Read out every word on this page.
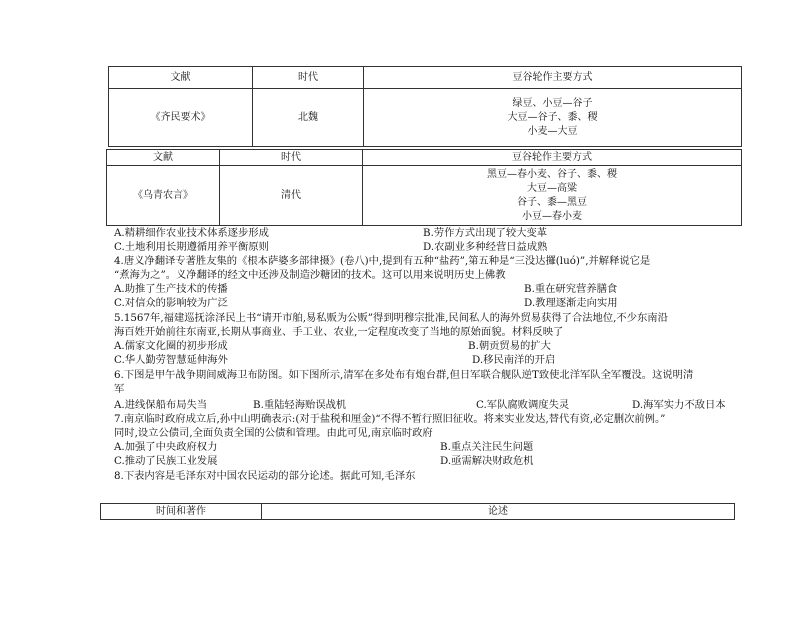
文献	时代	豆谷轮作主要方式
《齐民要术》	北魏	绿豆、小豆—谷子
大豆—谷子、黍、稷
小麦—大豆
文献	时代	豆谷轮作主要方式
《乌青农言》	清代	黑豆—春小麦、谷子、黍、稷
大豆—高粱
谷子、黍—黑豆
小豆—春小麦
A.精耕细作农业技术体系逐步形成	B.劳作方式出现了较大变革
C.土地利用长期遵循用养平衡原则	D.农副业多种经营日益成熟
4.唐义净翻译专著胜友集的《根本萨婆多部律摄》(卷八)中,提到有五种“盐药”,第五种是“三没达攞(luó)”,并解释说它是
“煮海为之”。义净翻译的经文中还涉及制造沙糖团的技术。这可以用来说明历史上佛教
A.助推了生产技术的传播	B.重在研究营养膳食
C.对信众的影响较为广泛	D.教理逐渐走向实用
5.1567年,福建巡抚涂泽民上书“请开市舶,易私贩为公贩”得到明穆宗批准,民间私人的海外贸易获得了合法地位,不少东南沿
海百姓开始前往东南亚,长期从事商业、手工业、农业,一定程度改变了当地的原始面貌。材料反映了
A.儒家文化圈的初步形成	B.朝贡贸易的扩大
C.华人勤劳智慧延伸海外	D.移民南洋的开启
6.下图是甲午战争期间威海卫布防图。如下图所示,清军在多处布有炮台群,但日军联合舰队逆T致使北洋军队全军覆没。这说明清
军
A.进线保船布局失当	B.重陆轻海贻误战机	C.军队腐败调度失灵	D.海军实力不敌日本
7.南京临时政府成立后,孙中山明确表示:(对于盐税和厘金)“不得不暂行照旧征收。将来实业发达,替代有资,必定删次前例。”
同时,设立公债司,全面负责全国的公债和管理。由此可见,南京临时政府
A.加强了中央政府权力	B.重点关注民生问题
C.推动了民族工业发展	D.亟需解决财政危机
8.下表内容是毛泽东对中国农民运动的部分论述。据此可知,毛泽东
时间和著作	论述
